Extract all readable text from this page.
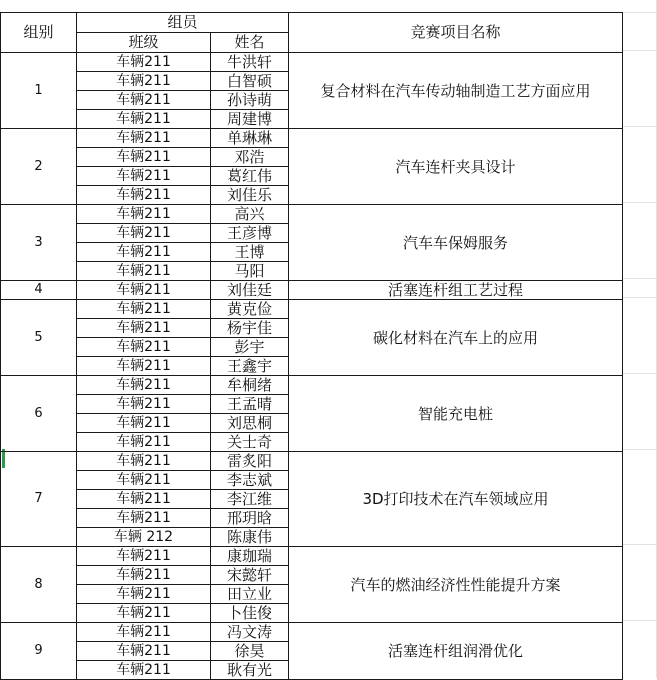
组别	组员		竞赛项目名称
	班级	姓名	
1	车辆211	牛洪轩	复合材料在汽车传动轴制造工艺方面应用
	车辆211	白智硕	
	车辆211	孙诗萌	
	车辆211	周建博	
2	车辆211	单琳琳	汽车连杆夹具设计
	车辆211	邓浩	
	车辆211	葛红伟	
	车辆211	刘佳乐	
3	车辆211	高兴	汽车车保姆服务
	车辆211	王彦博	
	车辆211	王博	
	车辆211	马阳	
4	车辆211	刘佳廷	活塞连杆组工艺过程
5	车辆211	黄克俭	碳化材料在汽车上的应用
	车辆211	杨宇佳	
	车辆211	彭宇	
	车辆211	王鑫宇	
6	车辆211	牟桐绪	智能充电桩
	车辆211	王孟晴	
	车辆211	刘思桐	
	车辆211	关士奇	
7	车辆211	雷炙阳	3D打印技术在汽车领域应用
	车辆211	李志斌	
	车辆211	李江维	
	车辆211	邢玥晗	
	车辆 212	陈康伟	
8	车辆211	康珈瑞	汽车的燃油经济性性能提升方案
	车辆211	宋懿轩	
	车辆211	田立业	
	车辆211	卜佳俊	
9	车辆211	冯文涛	活塞连杆组润滑优化
	车辆211	徐昊	
	车辆211	耿有光	
